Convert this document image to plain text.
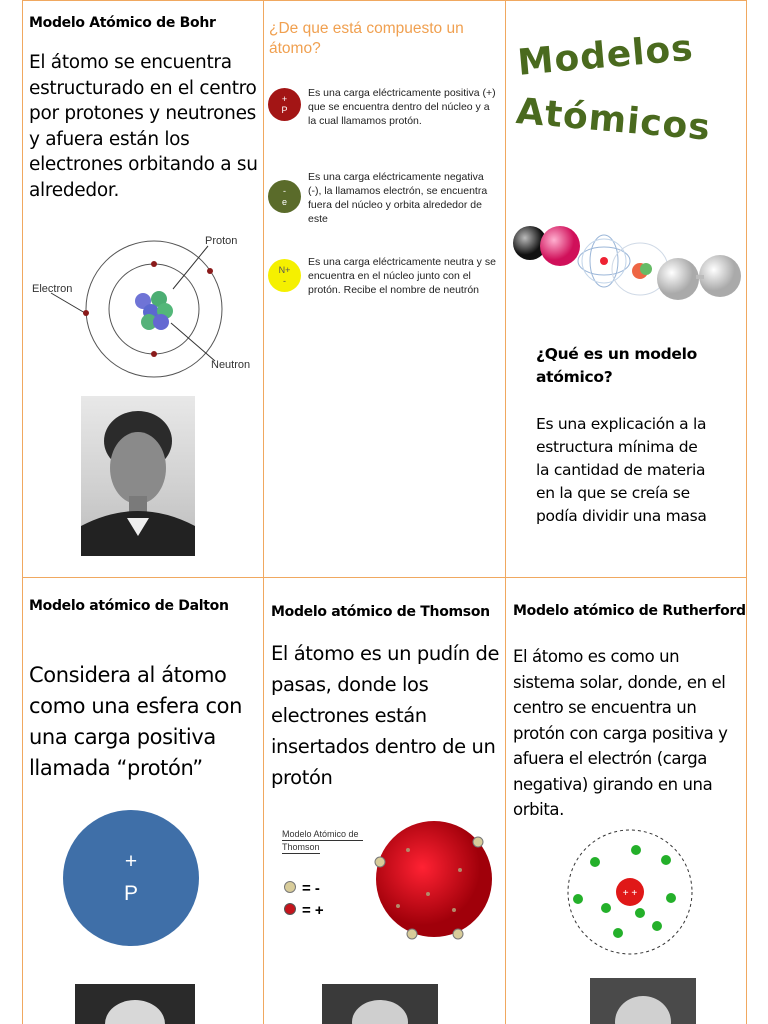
Modelo Atómico de Bohr
El átomo se encuentra estructurado en el centro por protones y neutrones y afuera están los electrones orbitando a su alrededor.
Proton
Electron
Neutron
¿De que está compuesto un átomo?
+
P
Es una carga eléctricamente positiva (+) que se encuentra dentro del núcleo y a la cual llamamos protón.
-
e
Es una carga eléctricamente negativa (-), la llamamos electrón, se encuentra fuera del núcleo y orbita alrededor de este
N+
-
Es una carga eléctricamente neutra y se encuentra en el núcleo junto con el protón. Recibe el nombre de neutrón
Modelos
Atómicos
¿Qué es un modelo atómico?
Es una explicación a la estructura mínima de la cantidad de materia en la que se creía se podía dividir una masa
Modelo atómico de Dalton
Considera al átomo como una esfera con una carga positiva llamada “protón”
+
P
Modelo atómico de Thomson
El átomo es un pudín de pasas, donde los electrones están insertados dentro de un protón
Modelo Atómico de
Thomson
= -
= +
Modelo atómico de Rutherford
El átomo es como un sistema solar, donde, en el centro se encuentra un protón con carga positiva y afuera el electrón (carga negativa) girando en una orbita.
+ +
